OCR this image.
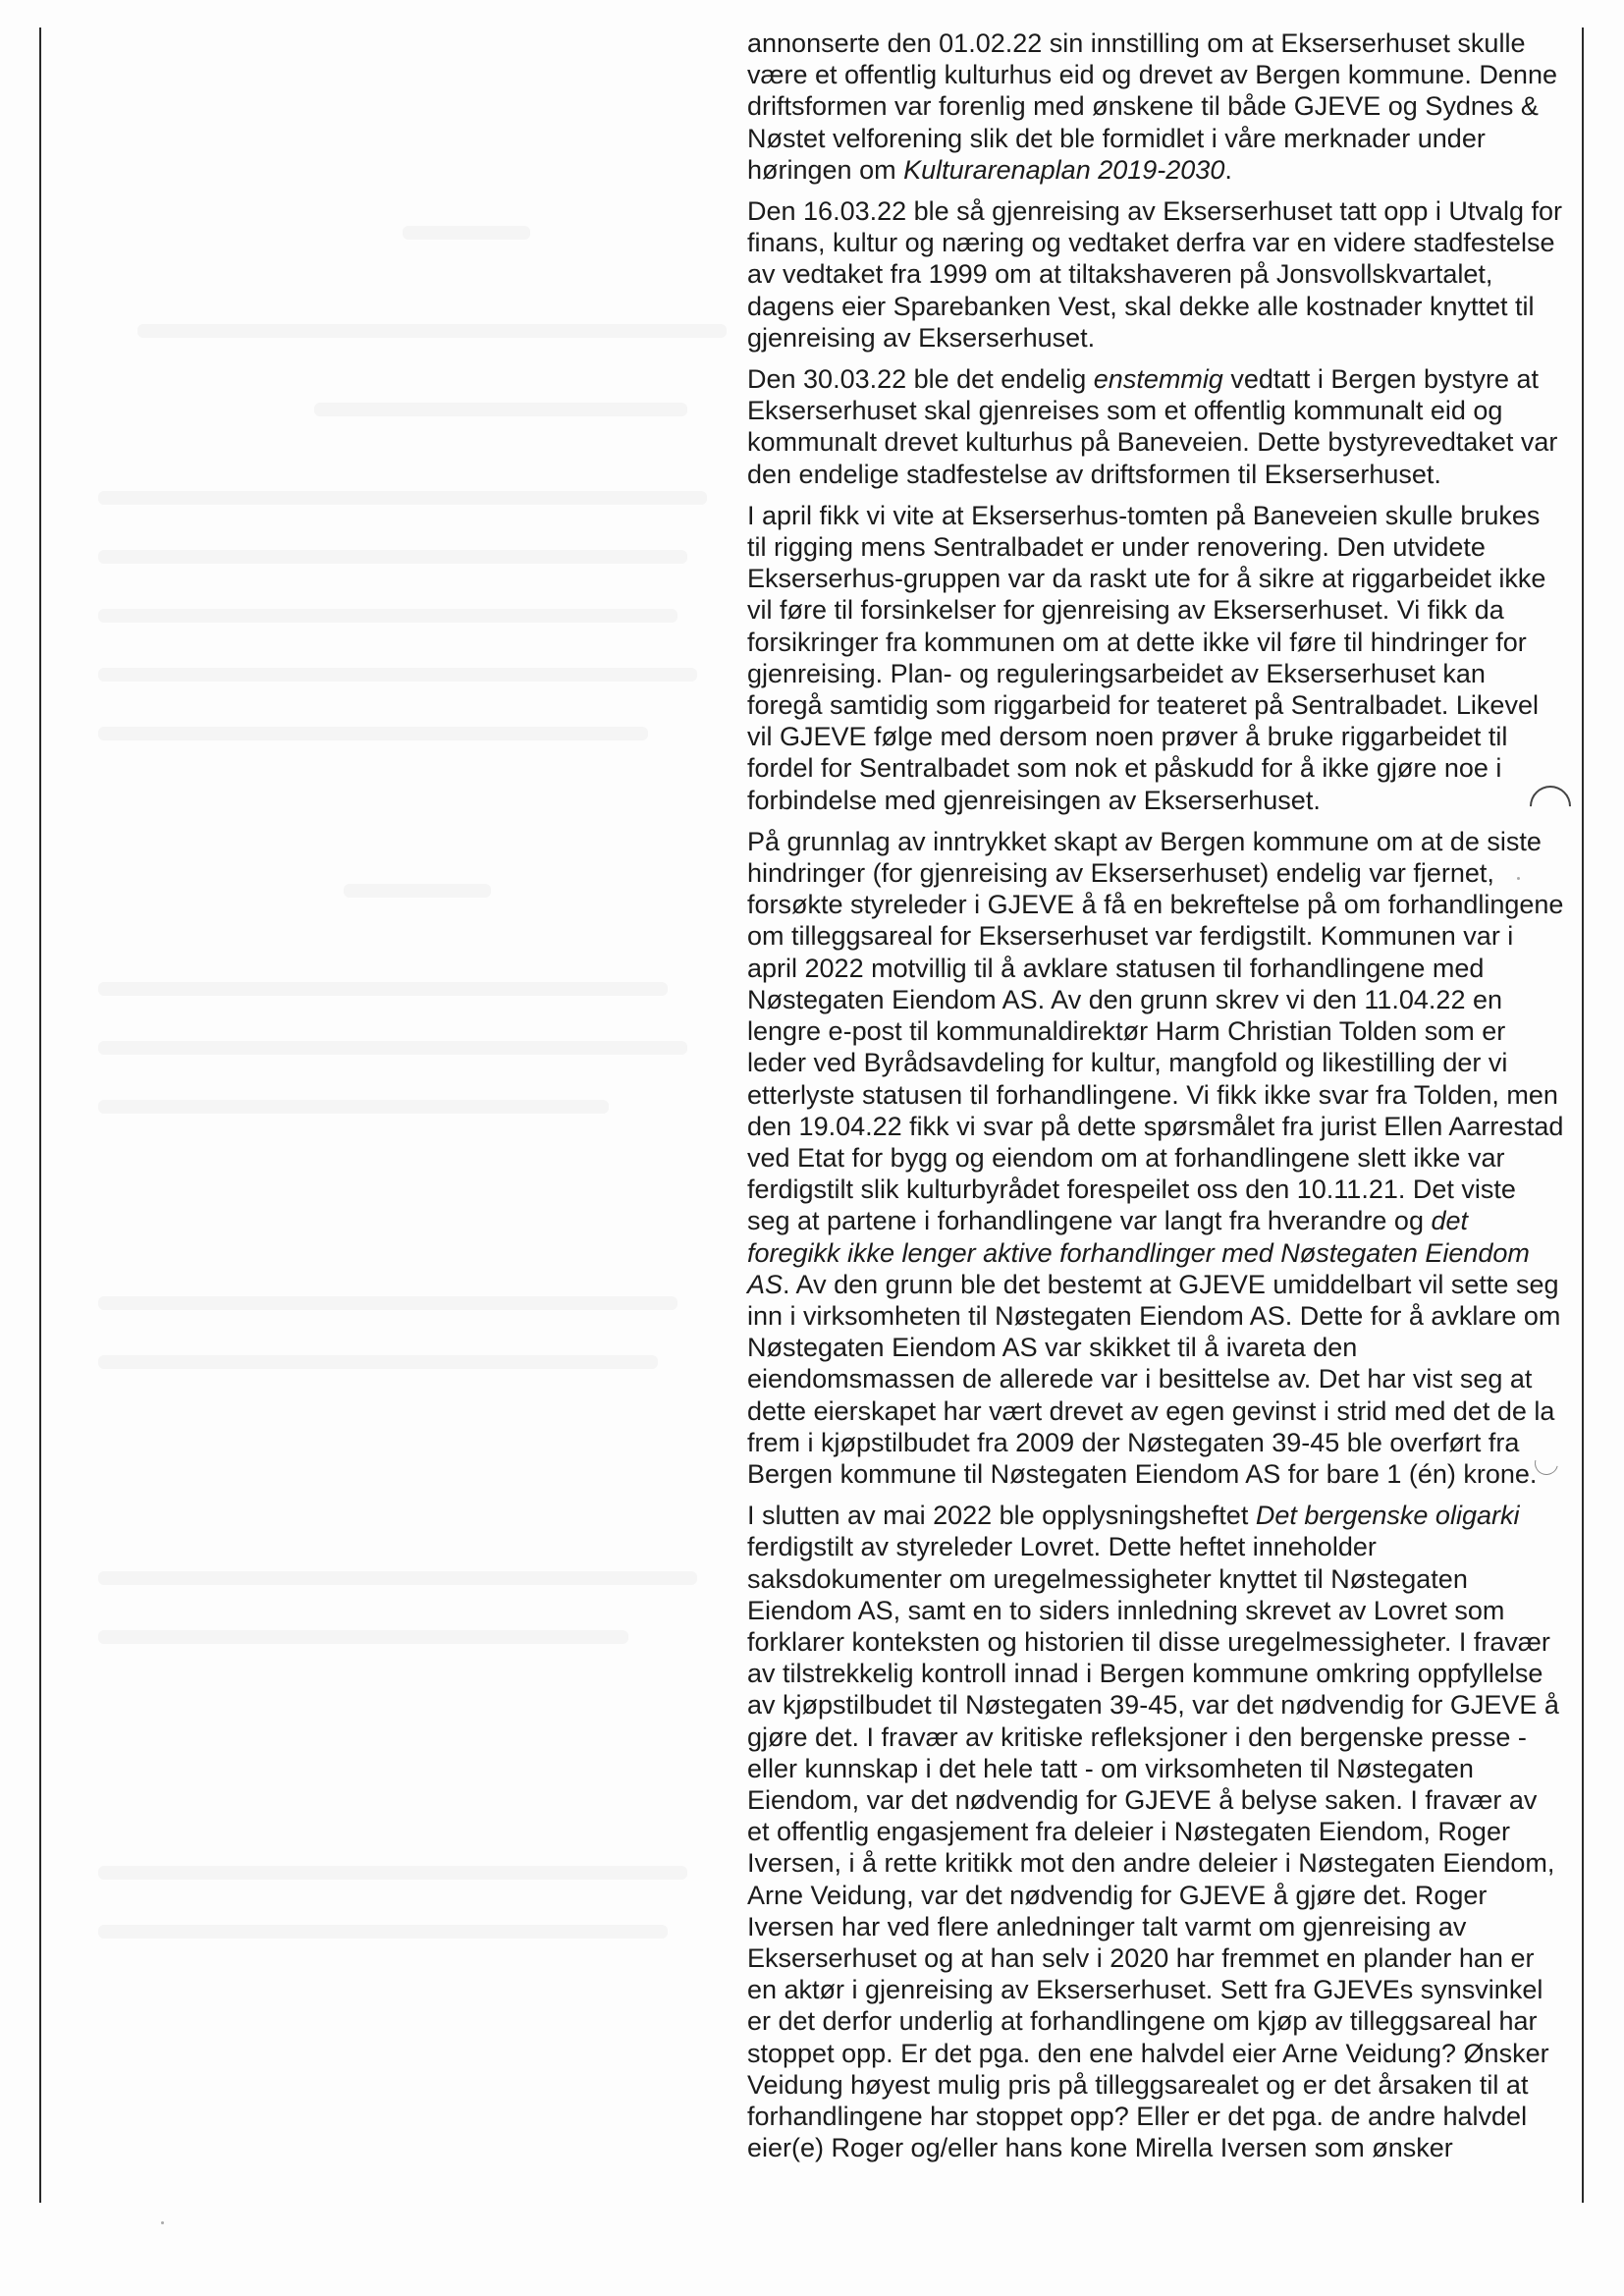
annonserte den 01.02.22 sin innstilling om at Ekserserhuset skulle
være et offentlig kulturhus eid og drevet av Bergen kommune. Denne
driftsformen var forenlig med ønskene til både GJEVE og Sydnes &
Nøstet velforening slik det ble formidlet i våre merknader under
høringen om Kulturarenaplan 2019-2030.

Den 16.03.22 ble så gjenreising av Ekserserhuset tatt opp i Utvalg for
finans, kultur og næring og vedtaket derfra var en videre stadfestelse
av vedtaket fra 1999 om at tiltakshaveren på Jonsvollskvartalet,
dagens eier Sparebanken Vest, skal dekke alle kostnader knyttet til
gjenreising av Ekserserhuset.

Den 30.03.22 ble det endelig enstemmig vedtatt i Bergen bystyre at
Ekserserhuset skal gjenreises som et offentlig kommunalt eid og
kommunalt drevet kulturhus på Baneveien. Dette bystyrevedtaket var
den endelige stadfestelse av driftsformen til Ekserserhuset.

I april fikk vi vite at Ekserserhus-tomten på Baneveien skulle brukes
til rigging mens Sentralbadet er under renovering. Den utvidete
Ekserserhus-gruppen var da raskt ute for å sikre at riggarbeidet ikke
vil føre til forsinkelser for gjenreising av Ekserserhuset. Vi fikk da
forsikringer fra kommunen om at dette ikke vil føre til hindringer for
gjenreising. Plan- og reguleringsarbeidet av Ekserserhuset kan
foregå samtidig som riggarbeid for teateret på Sentralbadet. Likevel
vil GJEVE følge med dersom noen prøver å bruke riggarbeidet til
fordel for Sentralbadet som nok et påskudd for å ikke gjøre noe i
forbindelse med gjenreisingen av Ekserserhuset.

På grunnlag av inntrykket skapt av Bergen kommune om at de siste
hindringer (for gjenreising av Ekserserhuset) endelig var fjernet,
forsøkte styreleder i GJEVE å få en bekreftelse på om forhandlingene
om tilleggsareal for Ekserserhuset var ferdigstilt. Kommunen var i
april 2022 motvillig til å avklare statusen til forhandlingene med
Nøstegaten Eiendom AS. Av den grunn skrev vi den 11.04.22 en
lengre e-post til kommunaldirektør Harm Christian Tolden som er
leder ved Byrådsavdeling for kultur, mangfold og likestilling der vi
etterlyste statusen til forhandlingene. Vi fikk ikke svar fra Tolden, men
den 19.04.22 fikk vi svar på dette spørsmålet fra jurist Ellen Aarrestad
ved Etat for bygg og eiendom om at forhandlingene slett ikke var
ferdigstilt slik kulturbyrådet forespeilet oss den 10.11.21. Det viste
seg at partene i forhandlingene var langt fra hverandre og det
foregikk ikke lenger aktive forhandlinger med Nøstegaten Eiendom
AS. Av den grunn ble det bestemt at GJEVE umiddelbart vil sette seg
inn i virksomheten til Nøstegaten Eiendom AS. Dette for å avklare om
Nøstegaten Eiendom AS var skikket til å ivareta den
eiendomsmassen de allerede var i besittelse av. Det har vist seg at
dette eierskapet har vært drevet av egen gevinst i strid med det de la
frem i kjøpstilbudet fra 2009 der Nøstegaten 39-45 ble overført fra
Bergen kommune til Nøstegaten Eiendom AS for bare 1 (én) krone.

I slutten av mai 2022 ble opplysningsheftet Det bergenske oligarki
ferdigstilt av styreleder Lovret. Dette heftet inneholder
saksdokumenter om uregelmessigheter knyttet til Nøstegaten
Eiendom AS, samt en to siders innledning skrevet av Lovret som
forklarer konteksten og historien til disse uregelmessigheter. I fravær
av tilstrekkelig kontroll innad i Bergen kommune omkring oppfyllelse
av kjøpstilbudet til Nøstegaten 39-45, var det nødvendig for GJEVE å
gjøre det. I fravær av kritiske refleksjoner i den bergenske presse -
eller kunnskap i det hele tatt - om virksomheten til Nøstegaten
Eiendom, var det nødvendig for GJEVE å belyse saken. I fravær av
et offentlig engasjement fra deleier i Nøstegaten Eiendom, Roger
Iversen, i å rette kritikk mot den andre deleier i Nøstegaten Eiendom,
Arne Veidung, var det nødvendig for GJEVE å gjøre det. Roger
Iversen har ved flere anledninger talt varmt om gjenreising av
Ekserserhuset og at han selv i 2020 har fremmet en plander han er
en aktør i gjenreising av Ekserserhuset. Sett fra GJEVEs synsvinkel
er det derfor underlig at forhandlingene om kjøp av tilleggsareal har
stoppet opp. Er det pga. den ene halvdel eier Arne Veidung? Ønsker
Veidung høyest mulig pris på tilleggsarealet og er det årsaken til at
forhandlingene har stoppet opp? Eller er det pga. de andre halvdel
eier(e) Roger og/eller hans kone Mirella Iversen som ønsker
